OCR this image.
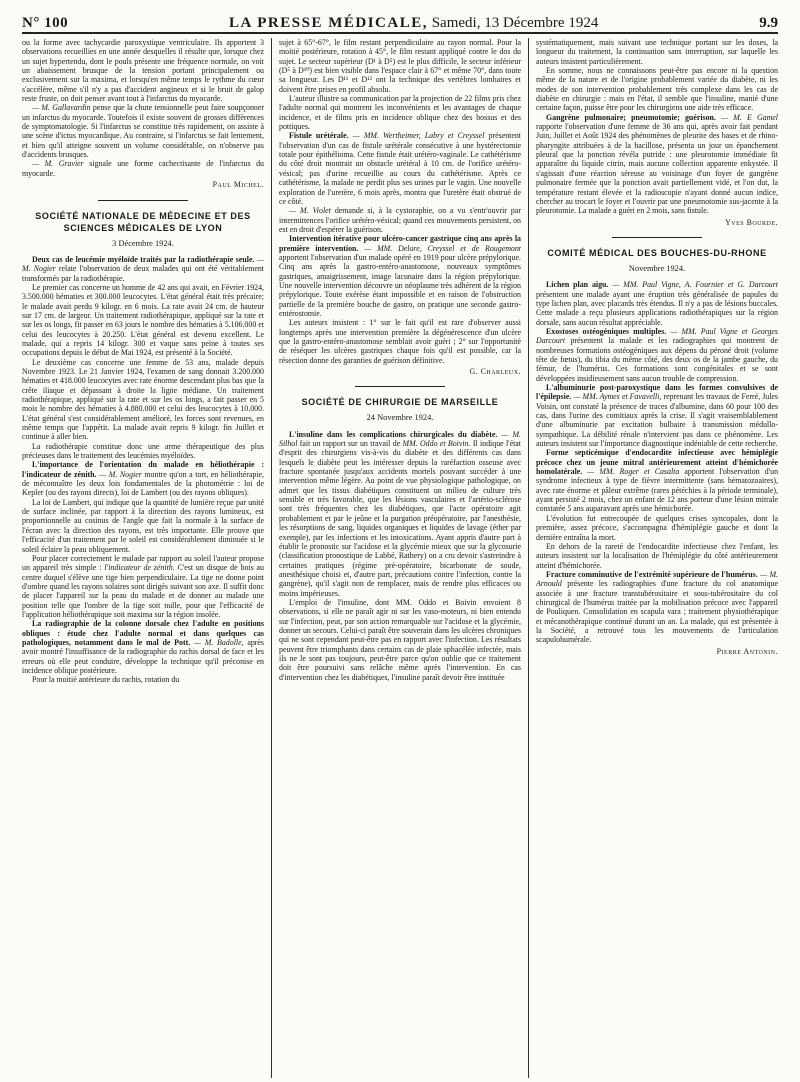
N° 100	LA PRESSE MÉDICALE, Samedi, 13 Décembre 1924	9.9

ou la forme avec tachycardie paroxystique ventriculaire. Ils apportent 3 observations recueillies en une année desquelles il résulte que, lorsque chez un sujet hypertendu, dont le pouls présente une fréquence normale, on voit un abaissement brusque de la tension portant principalement ou exclusivement sur la maxima, et lorsqu'en même temps le rythme du cœur s'accélère, même s'il n'y a pas d'accident angineux et si le bruit de galop reste fruste, on doit penser avant tout à l'infarctus du myocarde.

— M. Gallavardin pense que la chute tensionnelle peut faire soupçonner un infarctus du myocarde. Toutefois il existe souvent de grosses différences de symptomatologie. Si l'infarctus se constitue très rapidement, on assiste à une scène d'ictus myocardique. Au contraire, si l'infarctus se fait lentement, et bien qu'il atteigne souvent un volume considérable, on n'observe pas d'accidents brusques.

— M. Gravier signale une forme cachectisante de l'infarctus du myocarde.

Paul Michel.

SOCIÉTÉ NATIONALE DE MÉDECINE ET DES SCIENCES MÉDICALES DE LYON
3 Décembre 1924.

Deux cas de leucémie myéloïde traités par la radiothérapie seule. — M. Nogier relate l'observation de deux malades qui ont été véritablement transformés par la radiothérapie.

Le premier cas concerne un homme de 42 ans qui avait, en Février 1924, 3.500.000 hématies et 300.000 leucocytes. L'état général était très précaire; le malade avait perdu 9 kilogr. en 6 mois. La rate avait 24 cm. de hauteur sur 17 cm. de largeur. Un traitement radiothérapique, appliqué sur la rate et sur les os longs, fit passer en 63 jours le nombre des hématies à 5.106.000 et celui des leucocytes à 20.250. L'état général est devenu excellent. Le malade, qui a repris 14 kilogr. 300 et vaque sans peine à toutes ses occupations depuis le début de Mai 1924, est présenté à la Société.

Le deuxième cas concerne une femme de 53 ans, malade depuis Novembre 1923. Le 21 Janvier 1924, l'examen de sang donnait 3.200.000 hématies et 418.000 leucocytes avec rate énorme descendant plus bas que la crête iliaque et dépassant à droite la ligne médiane. Un traitement radiothérapique, appliqué sur la rate et sur les os longs, a fait passer en 5 mois le nombre des hématies à 4.880.000 et celui des leucocytes à 10.000. L'état général s'est considérablement amélioré, les forces sont revenues, en même temps que l'appétit. La malade avait repris 9 kilogr. fin Juillet et continue à aller bien.

La radiothérapie constitue donc une arme thérapeutique des plus précieuses dans le traitement des leucémies myéloïdes.

L'importance de l'orientation du malade en héliothérapie : l'indicateur de zénith. — M. Nogier montre qu'on a tort, en héliothérapie, de méconnaître les deux lois fondamentales de la photométrie : loi de Kepler (ou des rayons directs), loi de Lambert (ou des rayons obliques).

La loi de Lambert, qui indique que la quantité de lumière reçue par unité de surface inclinée, par rapport à la direction des rayons lumineux, est proportionnelle au cosinus de l'angle que fait la normale à la surface de l'écran avec la direction des rayons, est très importante. Elle prouve que l'efficacité d'un traitement par le soleil est considérablement diminuée si le soleil éclaire la peau obliquement.

Pour placer correctement le malade par rapport au soleil l'auteur propose un appareil très simple : l'indicateur de zénith. C'est un disque de bois au centre duquel s'élève une tige bien perpendiculaire. La tige ne donne point d'ombre quand les rayons solaires sont dirigés suivant son axe. Il suffit donc de placer l'appareil sur la peau du malade et de donner au malade une position telle que l'ombre de la tige soit nulle, pour que l'efficacité de l'application héliothérapique soit maxima sur la région insolée.

La radiographie de la colonne dorsale chez l'adulte en positions obliques : étude chez l'adulte normal et dans quelques cas pathologiques, notamment dans le mal de Pott. — M. Badolle, après avoir montré l'insuffisance de la radiographie du rachis dorsal de face et les erreurs où elle peut conduire, développe la technique qu'il préconise en incidence oblique postérieure.

Pour la moitié antérieure du rachis, rotation du

sujet à 65°-67°, le film restant perpendiculaire au rayon normal. Pour la moitié postérieure, rotation à 45°, le film restant appliqué contre le dos du sujet. Le secteur supérieur (D¹ à D⁵) est le plus difficile, le secteur inférieur (D⁵ à D¹⁰) est bien visible dans l'espace clair à 67° et même 70°, dans toute sa longueur. Les D¹¹ et D¹² ont la technique des vertèbres lombaires et doivent être prises en profil absolu.

L'auteur illustre sa communication par la projection de 22 films pris chez l'adulte normal qui montrent les inconvénients et les avantages de chaque incidence, et de films pris en incidence oblique chez des bossus et des pottiques.

Fistule urétérale. — MM. Wertheimer, Labry et Creyssel présentent l'observation d'un cas de fistule urétérale consécutive à une hystérectomie totale pour épithélioma. Cette fistule était urétéro-vaginale. Le cathétérisme du côté droit montrait un obstacle urétéral à 10 cm. de l'orifice urétéro-vésical; pas d'urine recueillie au cours du cathétérisme. Après ce cathétérisme, la malade ne perdit plus ses urines par le vagin. Une nouvelle exploration de l'uretère, 6 mois après, montra que l'uretère était obstrué de ce côté.

— M. Violet demande si, à la cystoraphie, on a vu s'entr'ouvrir par intermittences l'orifice urétéro-vésical; quand ces mouvements persistent, on est en droit d'espérer la guérison.

Intervention itérative pour ulcéro-cancer gastrique cinq ans après la première intervention. — MM. Delore, Creyssel et de Rougemont apportent l'observation d'un malade opéré en 1919 pour ulcère prépylorique. Cinq ans après la gastro-entéro-anastomose, nouveaux symptômes gastriques, amaigrissement, image lacunaire dans la région prépylorique. Une nouvelle intervention découvre un néoplasme très adhérent de la région prépylorique. Toute exérèse étant impossible et en raison de l'obstruction partielle de la première bouche de gastro, on pratique une seconde gastro-entérostomie.

Les auteurs insistent : 1° sur le fait qu'il est rare d'observer aussi longtemps après une intervention première la dégénérescence d'un ulcère que la gastro-entéro-anastomose semblait avoir guéri ; 2° sur l'opportunité de réséquer les ulcères gastriques chaque fois qu'il est possible, car la résection donne des garanties de guérison définitive.

G. Charleux.

SOCIÉTÉ DE CHIRURGIE DE MARSEILLE
24 Novembre 1924.

L'insuline dans les complications chirurgicales du diabète. — M. Silhol fait un rapport sur un travail de MM. Oddo et Boivin. Il indique l'état d'esprit des chirurgiens vis-à-vis du diabète et des différents cas dans lesquels le diabète peut les intéresser depuis la raréfaction osseuse avec fracture spontanée jusqu'aux accidents mortels pouvant succéder à une intervention même légère. Au point de vue physiologique pathologique, on admet que les tissus diabétiques constituent un milieu de culture très sensible et très favorable, que les lésions vasculaires et l'artério-sclérose sont très fréquentes chez les diabétiques, que l'acte opératoire agit probablement et par le jeûne et la purgation préopératoire, par l'anesthésie, les résorptions de sang, liquides organiques et liquides de lavage (éther par exemple), par les infections et les intoxications. Ayant appris d'autre part à établir le pronostic sur l'acidose et la glycémie mieux que sur la glycosurie (classification pronostique de Labbé, Rathery) on a cru devoir s'astreindre à certaines pratiques (régime pré-opératoire, bicarbonate de soude, anesthésique choisi et, d'autre part, précautions contre l'infection, contre la gangrène), qu'il s'agit non de remplacer, mais de rendre plus efficaces ou moins impérieuses.

L'emploi de l'insuline, dont MM. Oddo et Boivin envoient 8 observations, si elle ne paraît agir ni sur les vaso-moteurs, ni bien entendu sur l'infection, peut, par son action remarquable sur l'acidose et la glycémie, donner un secours. Celui-ci paraît être souverain dans les ulcères chroniques qui ne sont cependant peut-être pas en rapport avec l'infection. Les résultats peuvent être triomphants dans certains cas de plaie sphacélée infectée, mais ils ne le sont pas toujours, peut-être parce qu'on oublie que ce traitement doit être poursuivi sans relâche même après l'intervention. En cas d'intervention chez les diabétiques, l'insuline paraît devoir être instituée

systématiquement, mais suivant une technique portant sur les doses, la longueur du traitement, la continuation sans interruption, sur laquelle les auteurs insistent particulièrement.

En somme, nous ne connaissons peut-être pas encore ni la question même de la nature et de l'origine probablement variée du diabète, ni les modes de son intervention probablement très complexe dans les cas de diabète en chirurgie : mais en l'état, il semble que l'insuline, manié d'une certaine façon, puisse être pour les chirurgiens une aide très efficace.

Gangrène pulmonaire; pneumotomie; guérison. — M. E Gamel rapporte l'observation d'une femme de 36 ans qui, après avoir fait pendant Juin, Juillet et Août 1924 des phénomènes de pleurite des bases et de rhino-pharyngite attribuées à de la bacillose, présenta un jour un épanchement pleural que la ponction révéla putride : une pleurotomie immédiate fit apparaître du liquide citrin, mais aucune collection apparente enkystée. Il s'agissait d'une réaction séreuse au voisinage d'un foyer de gangrène pulmonaire fermée que la ponction avait partiellement vidé, et l'on dut, la température restant élevée et la radioscopie n'ayant donné aucun indice, chercher au trocart le foyer et l'ouvrir par une pneumotomie sus-jacente à la pleurotomie. La malade a guéri en 2 mois, sans fistule.

Yves Bourde.

COMITÉ MÉDICAL DES BOUCHES-DU-RHONE
Novembre 1924.

Lichen plan aigu. — MM. Paul Vigne, A. Fournier et G. Darcourt présentent une malade ayant une éruption très généralisée de papules du type lichen plan, avec placards très étendus. Il n'y a pas de lésions buccales. Cette malade a reçu plusieurs applications radiothérapiques sur la région dorsale, sans aucun résultat appréciable.

Exostoses ostéogéniques multiples. — MM. Paul Vigne et Georges Darcourt présentent la malade et les radiographies qui montrent de nombreuses formations ostéogéniques aux dépens du péroné droit (volume tête de fœtus), du tibia du même côté, des deux os de la jambe gauche, du fémur, de l'humérus. Ces formations sont congénitales et se sont développées insidieusement sans aucun trouble de compression.

L'albuminurie post-paroxystique dans les formes convulsives de l'épilepsie. — MM. Aymes et Favavelli, reprenant les travaux de Ferré, Jules Voisin, ont constaté la présence de traces d'albumine, dans 60 pour 100 des cas, dans l'urine des comitiaux après la crise. Il s'agit vraisemblablement d'une albuminurie par excitation bulbaire à transmission médullo-sympathique. La débilité rénale n'intervient pas dans ce phénomène. Les auteurs insistent sur l'importance diagnostique indéniable de cette recherche.

Forme septicémique d'endocardite infectieuse avec hémiplégie précoce chez un jeune mitral antérieurement atteint d'hémichorée homolatérale. — MM. Roger et Casalta apportent l'observation d'un syndrome infectieux à type de fièvre intermittente (sans hématozoaires), avec rate énorme et pâleur extrême (rares pétéchies à la période terminale), ayant persisté 2 mois, chez un enfant de 12 ans porteur d'une lésion mitrale constatée 5 ans auparavant après une hémichorée.

L'évolution fut entrecoupée de quelques crises syncopales, dont la première, assez précoce, s'accompagna d'hémiplégie gauche et dont la dernière entraîna la mort.

En dehors de la rareté de l'endocardite infectieuse chez l'enfant, les auteurs insistent sur la localisation de l'hémiplégie du côté antérieurement atteint d'hémichorée.

Fracture comminutive de l'extrémité supérieure de l'humérus. — M. Arnould présente les radiographies d'une fracture du col anatomique associée à une fracture transtubérositaire et sous-tubérositaire du col chirurgical de l'humérus traitée par la mobilisation précoce avec l'appareil de Pouliquen. Consolidation en scapula vara ; traitement physiothérapique et mécanothérapique continué durant un an. La malade, qui est présentée à la Société, a retrouvé tous les mouvements de l'articulation scapulohumérale.

Pierre Antonin.
